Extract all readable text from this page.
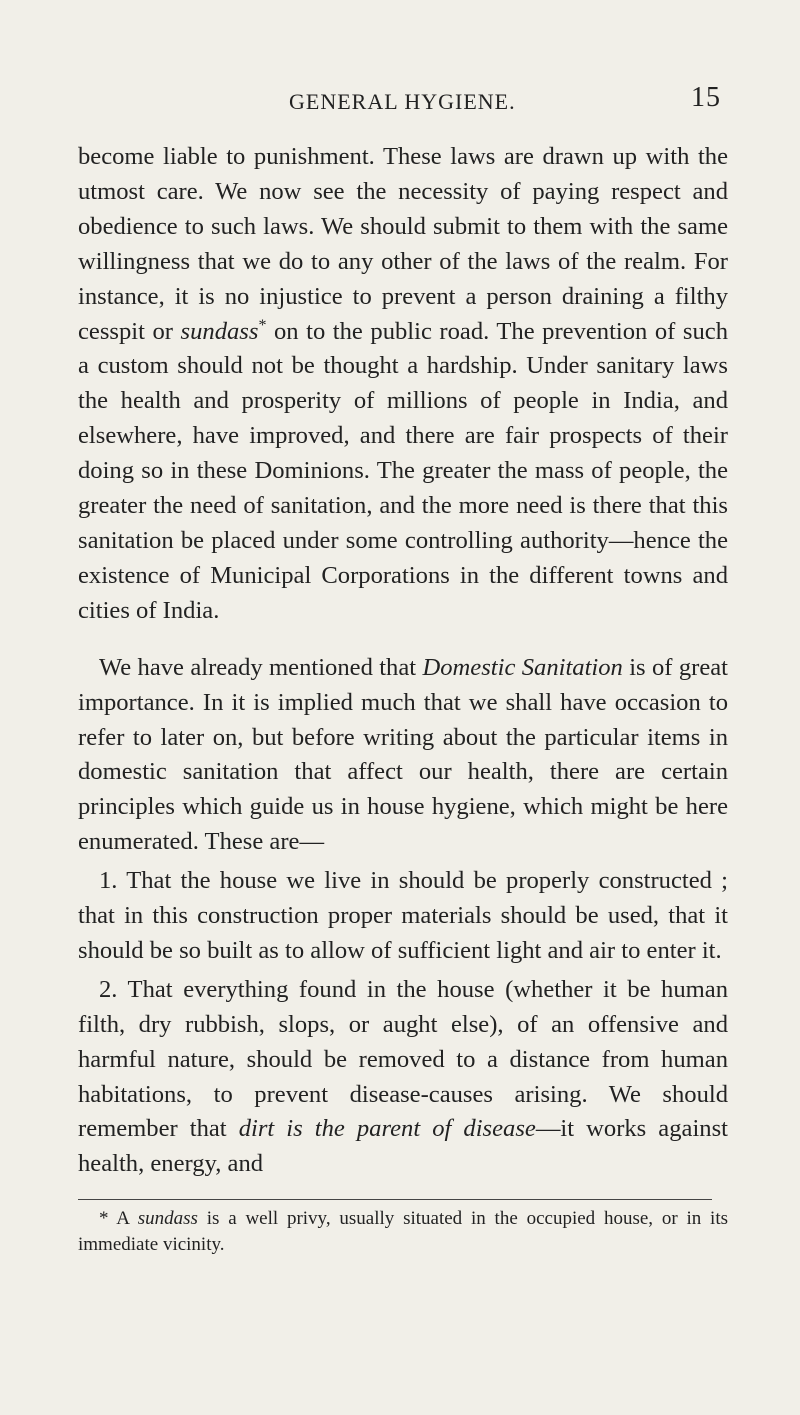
GENERAL HYGIENE.	15

become liable to punishment. These laws are drawn up with the utmost care. We now see the necessity of paying respect and obedience to such laws. We should submit to them with the same willingness that we do to any other of the laws of the realm. For instance, it is no injustice to prevent a person draining a filthy cesspit or sundass* on to the public road. The prevention of such a custom should not be thought a hardship. Under sanitary laws the health and prosperity of millions of people in India, and elsewhere, have improved, and there are fair prospects of their doing so in these Dominions. The greater the mass of people, the greater the need of sanitation, and the more need is there that this sanitation be placed under some controlling authority—hence the existence of Municipal Corporations in the different towns and cities of India.

We have already mentioned that Domestic Sanitation is of great importance. In it is implied much that we shall have occasion to refer to later on, but before writing about the particular items in domestic sanitation that affect our health, there are certain principles which guide us in house hygiene, which might be here enumerated. These are—

1. That the house we live in should be properly constructed ; that in this construction proper materials should be used, that it should be so built as to allow of sufficient light and air to enter it.

2. That everything found in the house (whether it be human filth, dry rubbish, slops, or aught else), of an offensive and harmful nature, should be removed to a distance from human habitations, to prevent disease-causes arising. We should remember that dirt is the parent of disease—it works against health, energy, and

* A sundass is a well privy, usually situated in the occupied house, or in its immediate vicinity.
